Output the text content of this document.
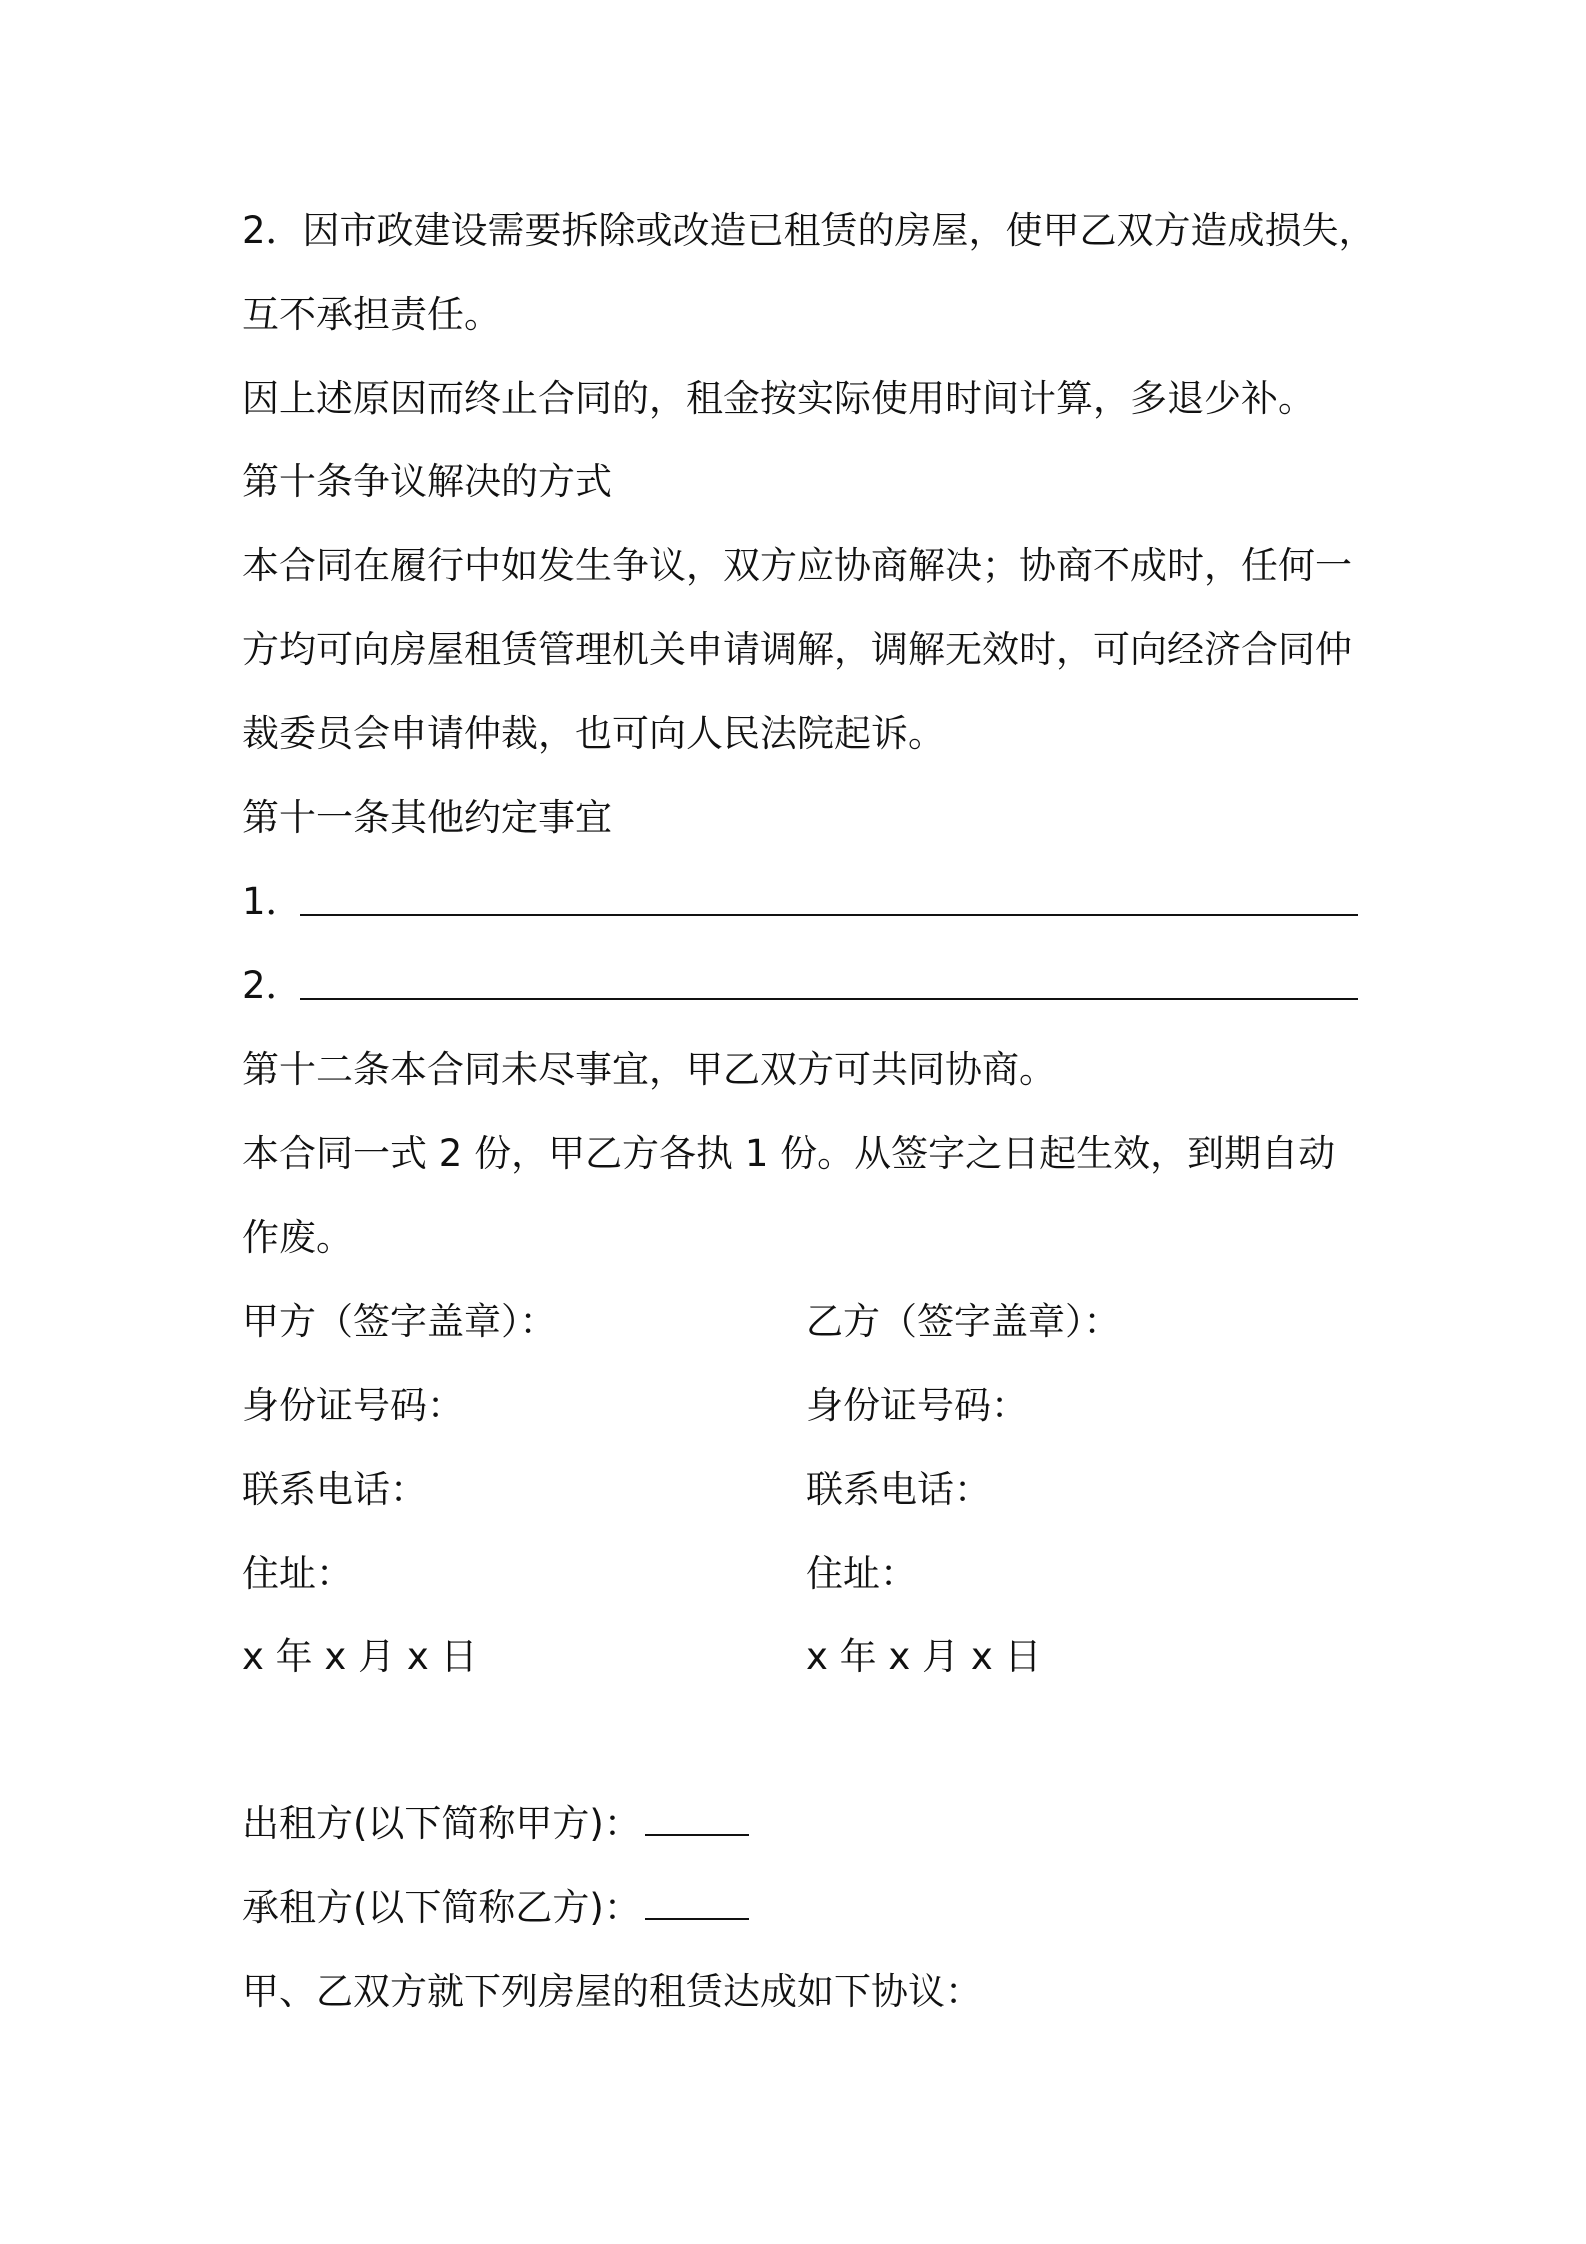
2．因市政建设需要拆除或改造已租赁的房屋，使甲乙双方造成损失，
互不承担责任。
因上述原因而终止合同的，租金按实际使用时间计算，多退少补。
第十条争议解决的方式
本合同在履行中如发生争议，双方应协商解决；协商不成时，任何一
方均可向房屋租赁管理机关申请调解，调解无效时，可向经济合同仲
裁委员会申请仲裁，也可向人民法院起诉。
第十一条其他约定事宜
1．
2．
第十二条本合同未尽事宜，甲乙双方可共同协商。
本合同一式 2 份，甲乙方各执 1 份。从签字之日起生效，到期自动
作废。
甲方（签字盖章）：
身份证号码：
联系电话：
住址：
x 年 x 月 x 日
乙方（签字盖章）：
身份证号码：
联系电话：
住址：
x 年 x 月 x 日
出租方(以下简称甲方)：
承租方(以下简称乙方)：
甲、乙双方就下列房屋的租赁达成如下协议：
